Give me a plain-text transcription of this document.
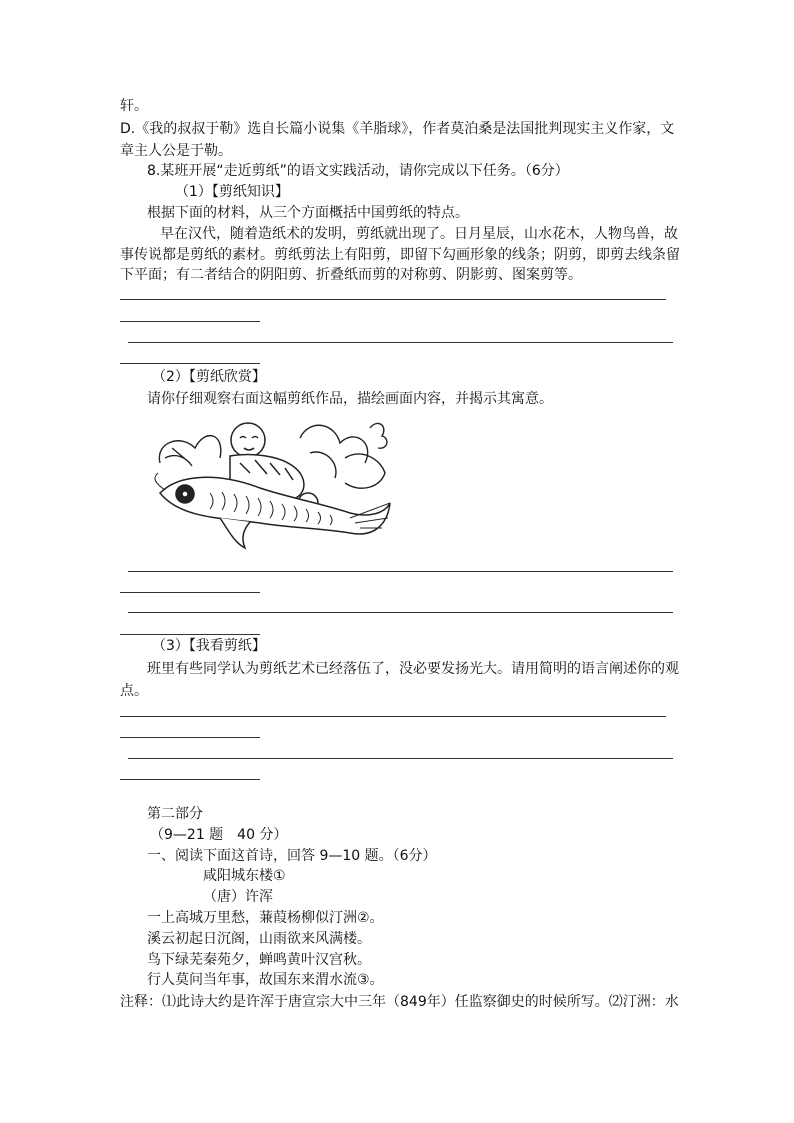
轩。
D.《我的叔叔于勒》选自长篇小说集《羊脂球》，作者莫泊桑是法国批判现实主义作家，文
章主人公是于勒。
8.某班开展“走近剪纸”的语文实践活动，请你完成以下任务。（6分）
（1）【剪纸知识】
根据下面的材料，从三个方面概括中国剪纸的特点。
早在汉代，随着造纸术的发明，剪纸就出现了。日月星辰，山水花木，人物鸟兽，故
事传说都是剪纸的素材。剪纸剪法上有阳剪，即留下勾画形象的线条；阴剪，即剪去线条留
下平面；有二者结合的阴阳剪、折叠纸而剪的对称剪、阴影剪、图案剪等。
（2）【剪纸欣赏】
请你仔细观察右面这幅剪纸作品，描绘画面内容，并揭示其寓意。
（3）【我看剪纸】
班里有些同学认为剪纸艺术已经落伍了，没必要发扬光大。请用简明的语言阐述你的观
点。
第二部分
（9—21 题　40 分）
一、阅读下面这首诗，回答 9—10 题。（6分）
咸阳城东楼①
（唐）许浑
一上高城万里愁，蒹葭杨柳似汀洲②。
溪云初起日沉阁，山雨欲来风满楼。
鸟下绿芜秦苑夕，蝉鸣黄叶汉宫秋。
行人莫问当年事，故国东来渭水流③。
注释：⑴此诗大约是许浑于唐宣宗大中三年（849年）任监察御史的时候所写。⑵汀洲：水
